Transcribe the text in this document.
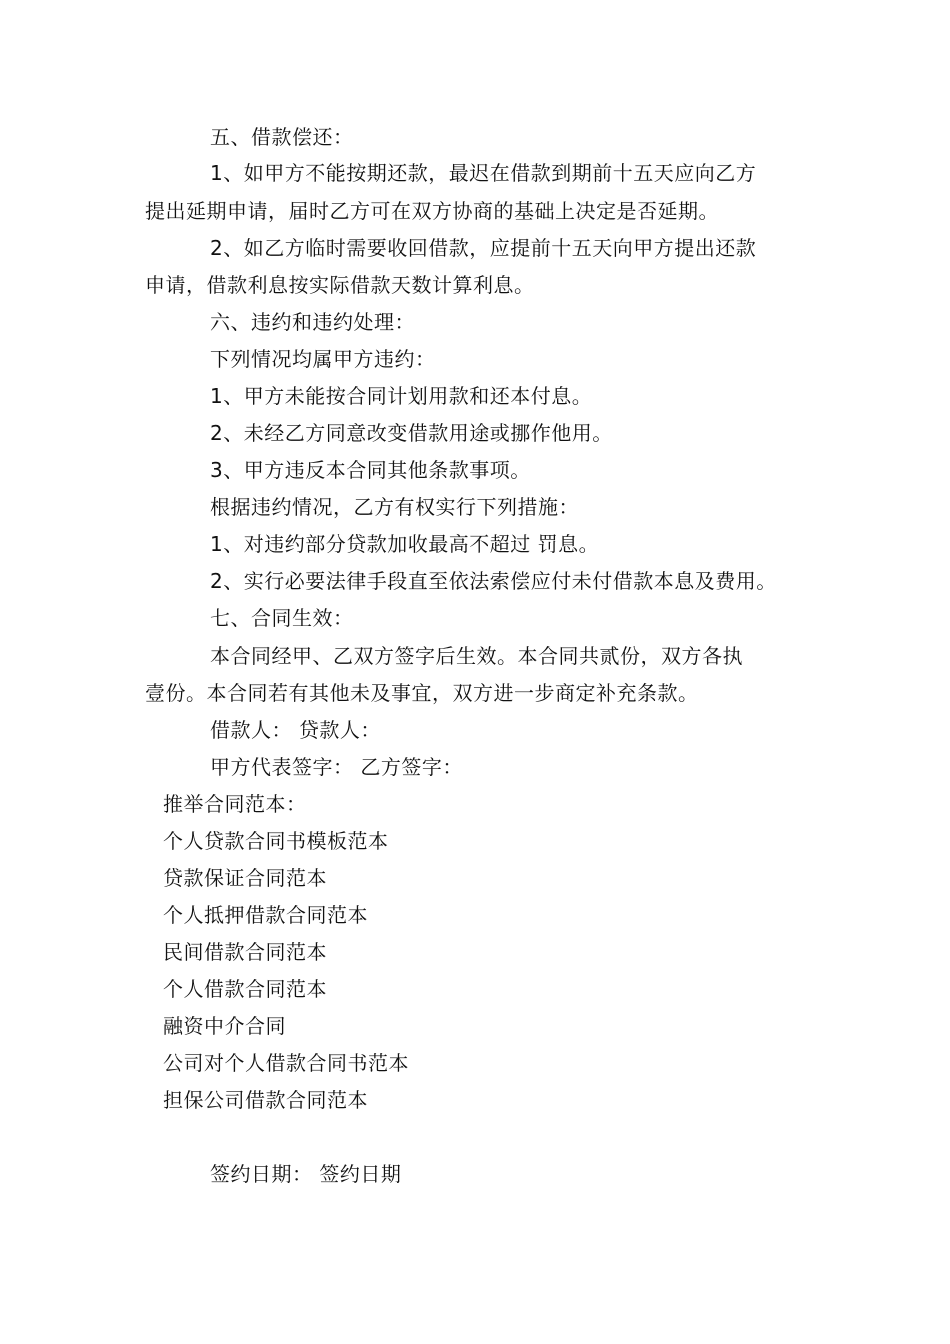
五、借款偿还：
1、如甲方不能按期还款，最迟在借款到期前十五天应向乙方
提出延期申请，届时乙方可在双方协商的基础上决定是否延期。
2、如乙方临时需要收回借款，应提前十五天向甲方提出还款
申请，借款利息按实际借款天数计算利息。
六、违约和违约处理：
下列情况均属甲方违约：
1、甲方未能按合同计划用款和还本付息。
2、未经乙方同意改变借款用途或挪作他用。
3、甲方违反本合同其他条款事项。
根据违约情况，乙方有权实行下列措施：
1、对违约部分贷款加收最高不超过 罚息。
2、实行必要法律手段直至依法索偿应付未付借款本息及费用。
七、合同生效：
本合同经甲、乙双方签字后生效。本合同共贰份，双方各执
壹份。本合同若有其他未及事宜，双方进一步商定补充条款。
借款人： 贷款人：
甲方代表签字： 乙方签字：
推举合同范本：
个人贷款合同书模板范本
贷款保证合同范本
个人抵押借款合同范本
民间借款合同范本
个人借款合同范本
融资中介合同
公司对个人借款合同书范本
担保公司借款合同范本
签约日期： 签约日期
